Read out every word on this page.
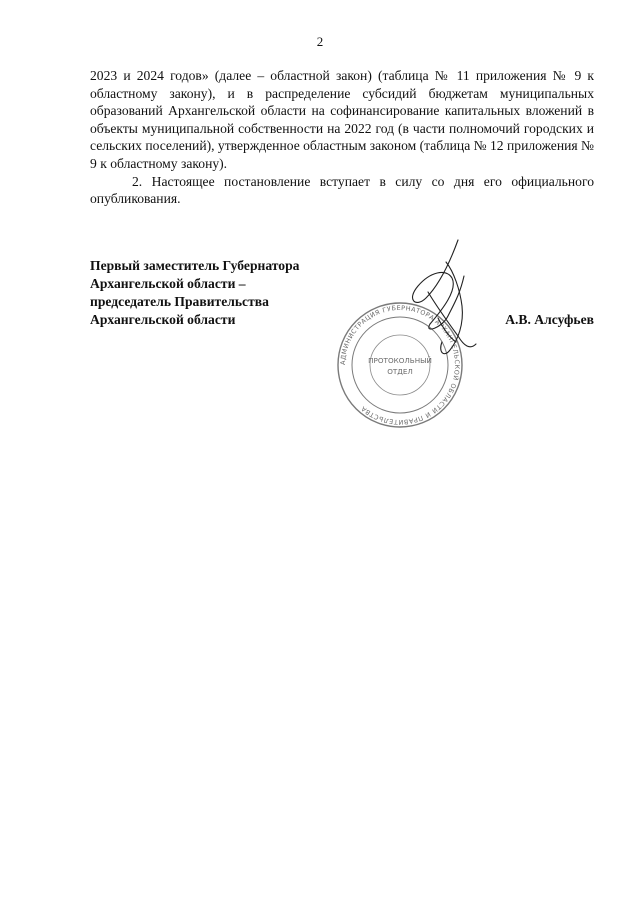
2

2023 и 2024 годов» (далее – областной закон) (таблица № 11 приложения № 9 к областному закону), и в распределение субсидий бюджетам муниципальных образований Архангельской области на софинансирование капитальных вложений в объекты муниципальной собственности на 2022 год (в части полномочий городских и сельских поселений), утвержденное областным законом (таблица № 12 приложения № 9 к областному закону).

2. Настоящее постановление вступает в силу со дня его официального опубликования.

Первый заместитель Губернатора
Архангельской области –
председатель Правительства
Архангельской области	А.В. Алсуфьев
АДМИНИСТРАЦИЯ ГУБЕРНАТОРА АРХАНГЕЛЬСКОЙ ОБЛАСТИ И ПРАВИТЕЛЬСТВА
ПРОТОКОЛЬНЫЙ
ОТДЕЛ
